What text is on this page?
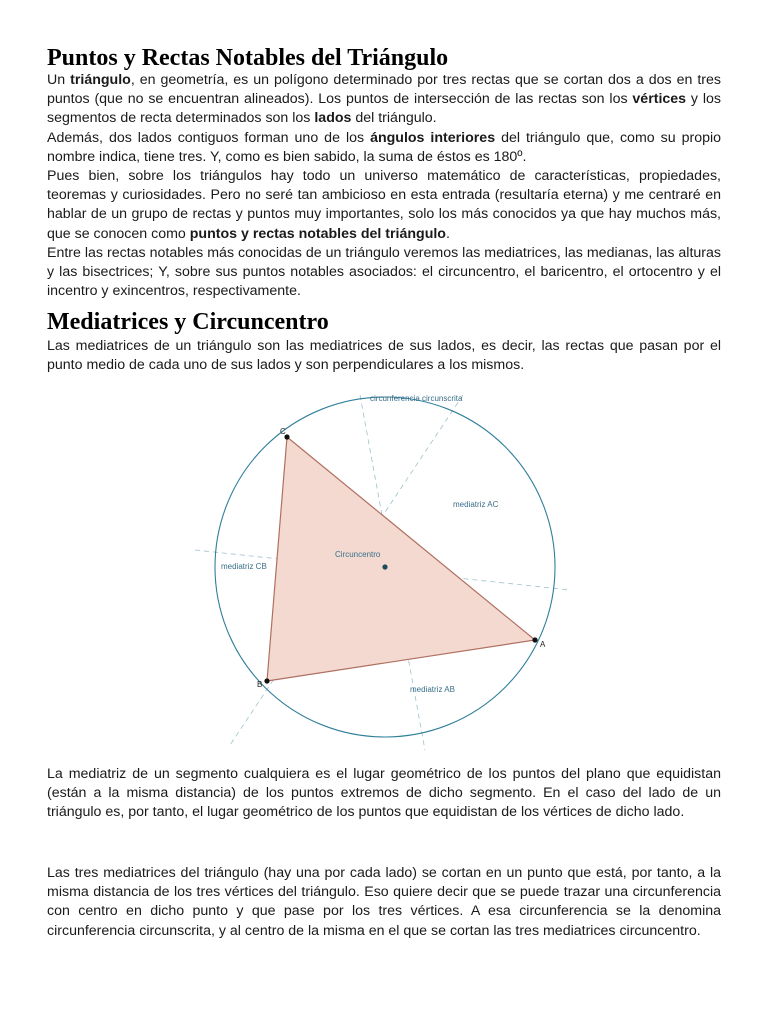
Puntos y Rectas Notables del Triángulo
Un triángulo, en geometría, es un polígono determinado por tres rectas que se cortan dos a dos en tres puntos (que no se encuentran alineados). Los puntos de intersección de las rectas son los vértices y los segmentos de recta determinados son los lados del triángulo.
Además, dos lados contiguos forman uno de los ángulos interiores del triángulo que, como su propio nombre indica, tiene tres. Y, como es bien sabido, la suma de éstos es 180º.
Pues bien, sobre los triángulos hay todo un universo matemático de características, propiedades, teoremas y curiosidades. Pero no seré tan ambicioso en esta entrada (resultaría eterna) y me centraré en hablar de un grupo de rectas y puntos muy importantes, solo los más conocidos ya que hay muchos más, que se conocen como puntos y rectas notables del triángulo.
Entre las rectas notables más conocidas de un triángulo veremos las mediatrices, las medianas, las alturas y las bisectrices; Y, sobre sus puntos notables asociados: el circuncentro, el baricentro, el ortocentro y el incentro y exincentros, respectivamente.
Mediatrices y Circuncentro

Las mediatrices de un triángulo son las mediatrices de sus lados, es decir, las rectas que pasan por el punto medio de cada uno de sus lados y son perpendiculares a los mismos.

C
A
B
circunferencia circunscrita
mediatriz AC
mediatriz CB
mediatriz AB
Circuncentro

La mediatriz de un segmento cualquiera es el lugar geométrico de los puntos del plano que equidistan (están a la misma distancia) de los puntos extremos de dicho segmento. En el caso del lado de un triángulo es, por tanto, el lugar geométrico de los puntos que equidistan de los vértices de dicho lado.

Las tres mediatrices del triángulo (hay una por cada lado) se cortan en un punto que está, por tanto, a la misma distancia de los tres vértices del triángulo. Eso quiere decir que se puede trazar una circunferencia con centro en dicho punto y que pase por los tres vértices. A esa circunferencia se la denomina circunferencia circunscrita, y al centro de la misma en el que se cortan las tres mediatrices circuncentro.
